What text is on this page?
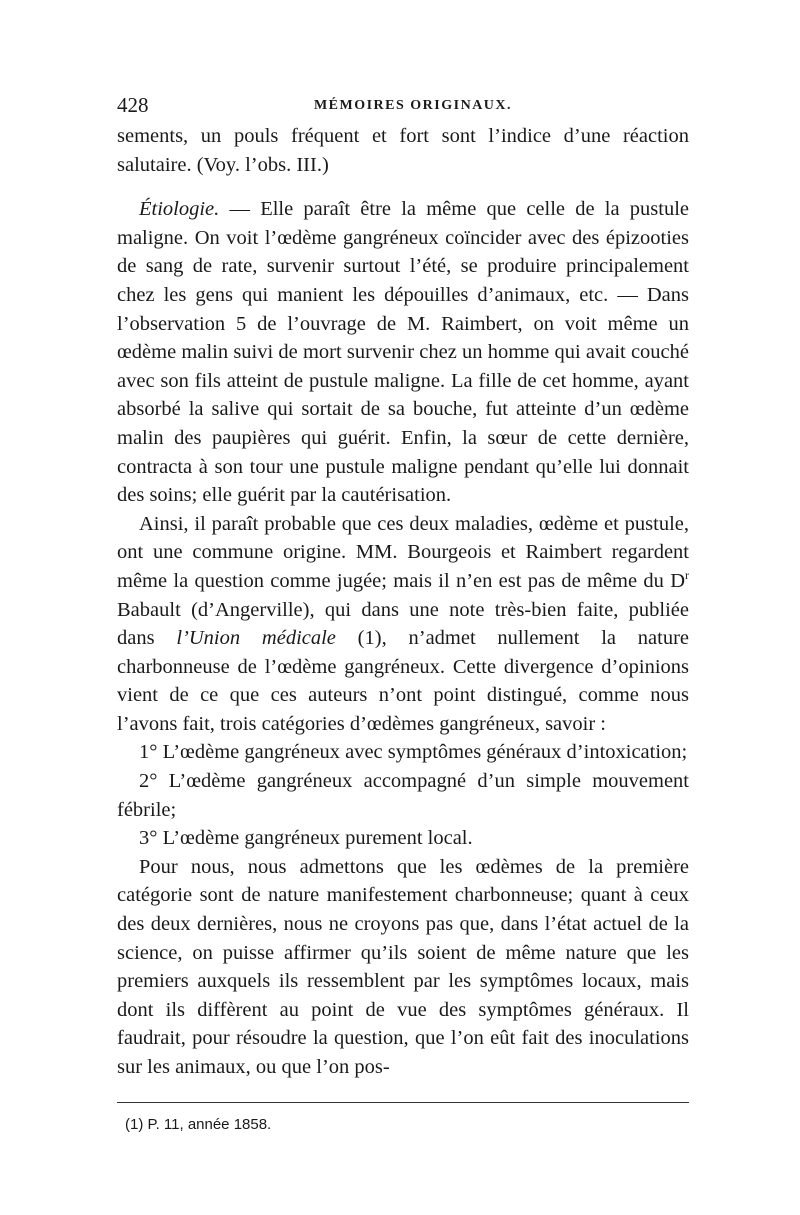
428	MÉMOIRES ORIGINAUX.

sements, un pouls fréquent et fort sont l’indice d’une réaction salutaire. (Voy. l’obs. III.)

Étiologie. — Elle paraît être la même que celle de la pustule maligne. On voit l’œdème gangréneux coïncider avec des épizooties de sang de rate, survenir surtout l’été, se produire principalement chez les gens qui manient les dépouilles d’animaux, etc. — Dans l’observation 5 de l’ouvrage de M. Raimbert, on voit même un œdème malin suivi de mort survenir chez un homme qui avait couché avec son fils atteint de pustule maligne. La fille de cet homme, ayant absorbé la salive qui sortait de sa bouche, fut atteinte d’un œdème malin des paupières qui guérit. Enfin, la sœur de cette dernière, contracta à son tour une pustule maligne pendant qu’elle lui donnait des soins; elle guérit par la cautérisation.

Ainsi, il paraît probable que ces deux maladies, œdème et pustule, ont une commune origine. MM. Bourgeois et Raimbert regardent même la question comme jugée; mais il n’en est pas de même du $D^r$ Babault (d’Angerville), qui dans une note très-bien faite, publiée dans l’Union médicale (1), n’admet nullement la nature charbonneuse de l’œdème gangréneux. Cette divergence d’opinions vient de ce que ces auteurs n’ont point distingué, comme nous l’avons fait, trois catégories d’œdèmes gangréneux, savoir :

1° L’œdème gangréneux avec symptômes généraux d’intoxication;

2° L’œdème gangréneux accompagné d’un simple mouvement fébrile;

3° L’œdème gangréneux purement local.

Pour nous, nous admettons que les œdèmes de la première catégorie sont de nature manifestement charbonneuse; quant à ceux des deux dernières, nous ne croyons pas que, dans l’état actuel de la science, on puisse affirmer qu’ils soient de même nature que les premiers auxquels ils ressemblent par les symptômes locaux, mais dont ils diffèrent au point de vue des symptômes généraux. Il faudrait, pour résoudre la question, que l’on eût fait des inoculations sur les animaux, ou que l’on pos-

(1) P. 11, année 1858.
